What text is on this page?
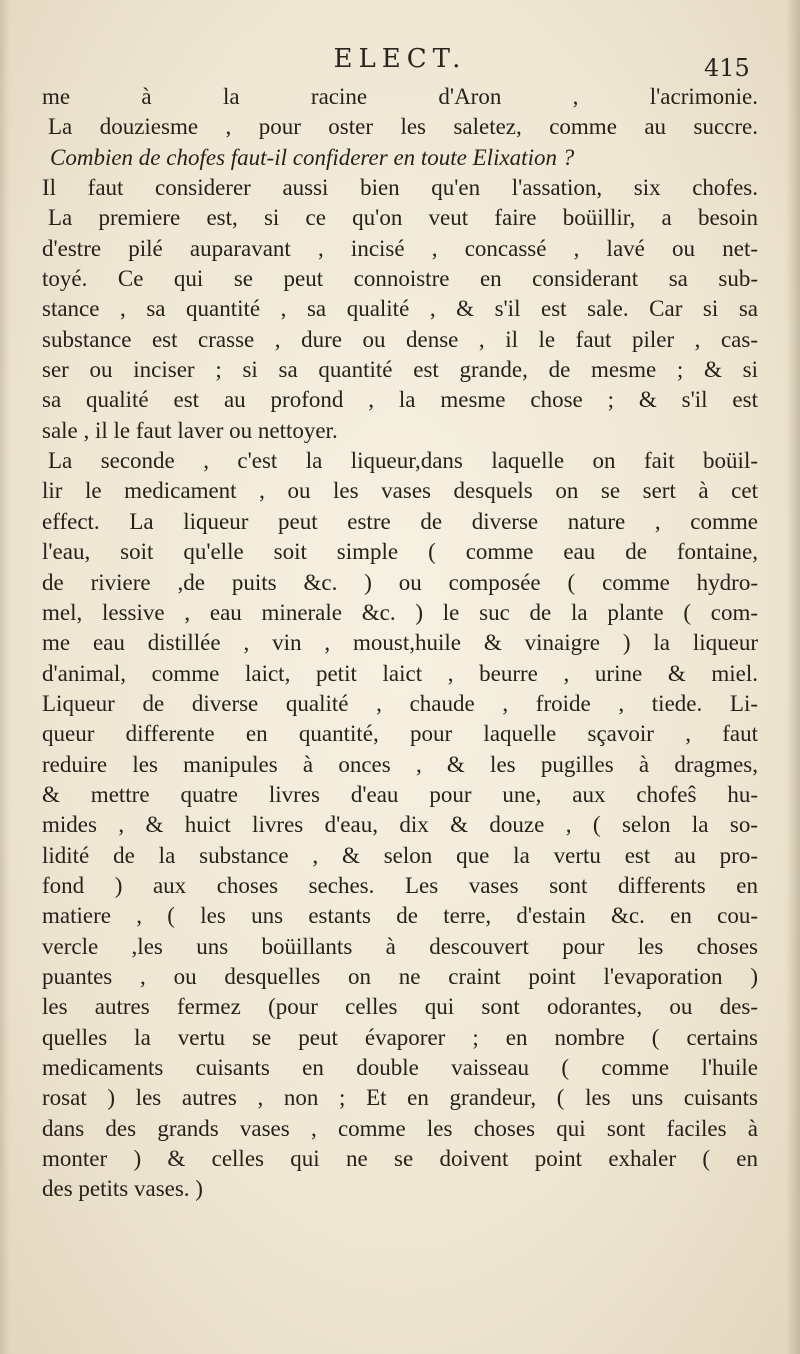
ELECT.	415
me à la racine d'Aron , l'acrimonie.
La douziesme , pour oster les saletez, comme au succre.
Combien de chofes faut-il confiderer en toute Elixation ?
Il faut considerer aussi bien qu'en l'assation, six chofes.
La premiere est, si ce qu'on veut faire boüillir, a besoin
d'estre pilé auparavant , incisé , concassé , lavé ou net-
toyé. Ce qui se peut connoistre en considerant sa sub-
stance , sa quantité , sa qualité , & s'il est sale. Car si sa
substance est crasse , dure ou dense , il le faut piler , cas-
ser ou inciser ; si sa quantité est grande, de mesme ; & si
sa qualité est au profond , la mesme chose ; & s'il est
sale , il le faut laver ou nettoyer.
La seconde , c'est la liqueur,dans laquelle on fait boüil-
lir le medicament , ou les vases desquels on se sert à cet
effect. La liqueur peut estre de diverse nature , comme
l'eau, soit qu'elle soit simple ( comme eau de fontaine,
de riviere ,de puits &c. ) ou composée ( comme hydro-
mel, lessive , eau minerale &c. ) le suc de la plante ( com-
me eau distillée , vin , moust,huile & vinaigre ) la liqueur
d'animal, comme laict, petit laict , beurre , urine & miel.
Liqueur de diverse qualité , chaude , froide , tiede. Li-
queur differente en quantité, pour laquelle sçavoir , faut
reduire les manipules à onces , & les pugilles à dragmes,
& mettre quatre livres d'eau pour une, aux chofeŝ hu-
mides , & huict livres d'eau, dix & douze , ( selon la so-
lidité de la substance , & selon que la vertu est au pro-
fond ) aux choses seches. Les vases sont differents en
matiere , ( les uns estants de terre, d'estain &c. en cou-
vercle ,les uns boüillants à descouvert pour les choses
puantes , ou desquelles on ne craint point l'evaporation )
les autres fermez (pour celles qui sont odorantes, ou des-
quelles la vertu se peut évaporer ; en nombre ( certains
medicaments cuisants en double vaisseau ( comme l'huile
rosat ) les autres , non ; Et en grandeur, ( les uns cuisants
dans des grands vases , comme les choses qui sont faciles à
monter ) & celles qui ne se doivent point exhaler ( en
des petits vases. )
